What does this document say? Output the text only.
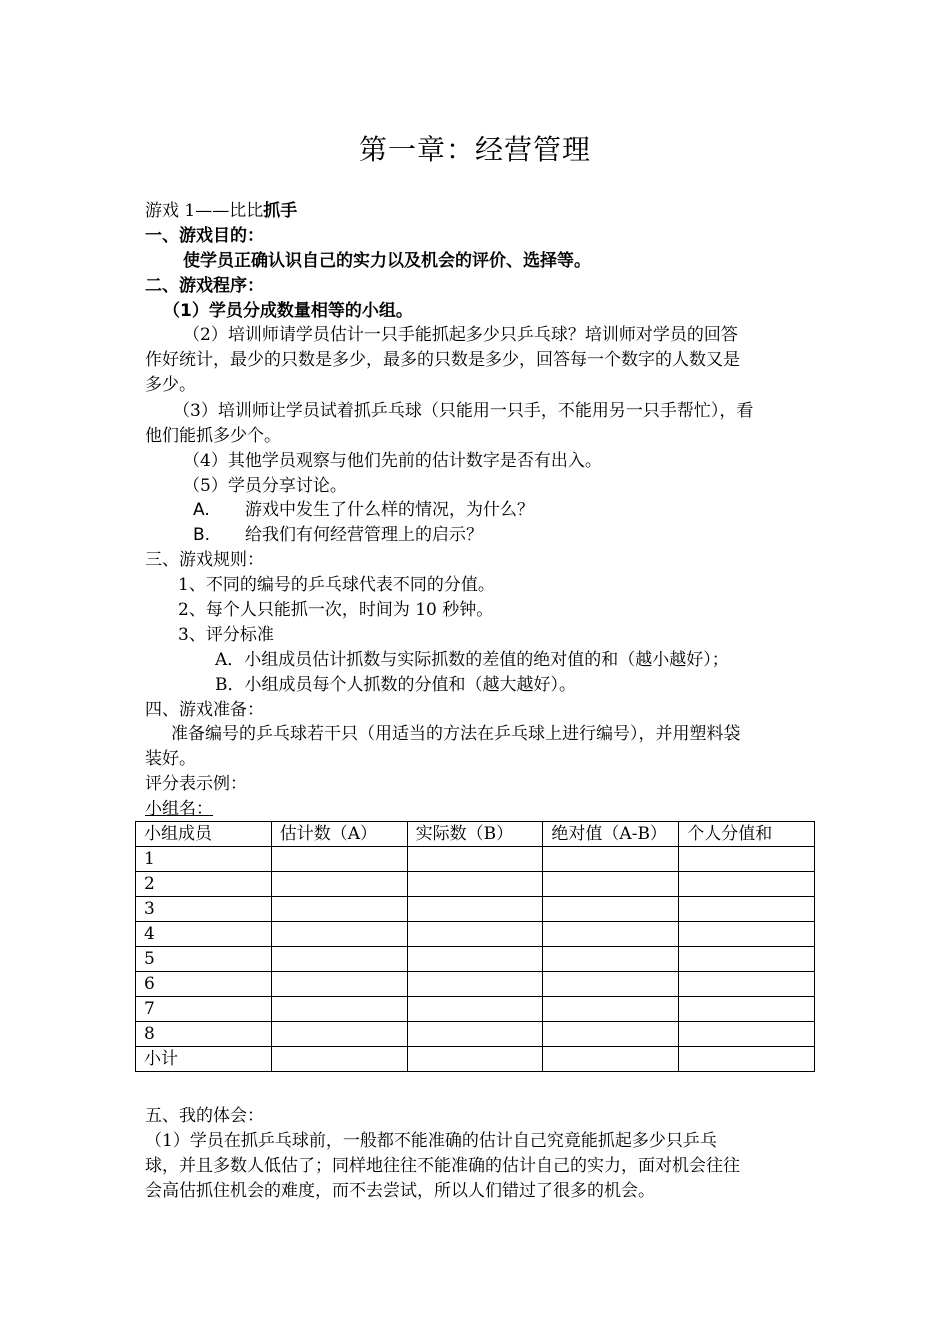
第一章：经营管理
游戏 1——比比抓手
一、游戏目的：
使学员正确认识自己的实力以及机会的评价、选择等。
二、游戏程序：
（1）学员分成数量相等的小组。
（2）培训师请学员估计一只手能抓起多少只乒乓球？培训师对学员的回答
作好统计，最少的只数是多少，最多的只数是多少，回答每一个数字的人数又是
多少。
（3）培训师让学员试着抓乒乓球（只能用一只手，不能用另一只手帮忙），看
他们能抓多少个。
（4）其他学员观察与他们先前的估计数字是否有出入。
（5）学员分享讨论。
A. 游戏中发生了什么样的情况，为什么？
B. 给我们有何经营管理上的启示？
三、游戏规则：
1、不同的编号的乒乓球代表不同的分值。
2、每个人只能抓一次，时间为 10 秒钟。
3、评分标准
A．小组成员估计抓数与实际抓数的差值的绝对值的和（越小越好）；
B．小组成员每个人抓数的分值和（越大越好）。
四、游戏准备：
准备编号的乒乓球若干只（用适当的方法在乒乓球上进行编号），并用塑料袋
装好。
评分表示例：
小组名：
小组成员	估计数（A）	实际数（B）	绝对值（A-B）	个人分值和
1				
2				
3				
4				
5				
6				
7				
8				
小计				
五、我的体会：
（1）学员在抓乒乓球前，一般都不能准确的估计自己究竟能抓起多少只乒乓
球，并且多数人低估了；同样地往往不能准确的估计自己的实力，面对机会往往
会高估抓住机会的难度，而不去尝试，所以人们错过了很多的机会。
